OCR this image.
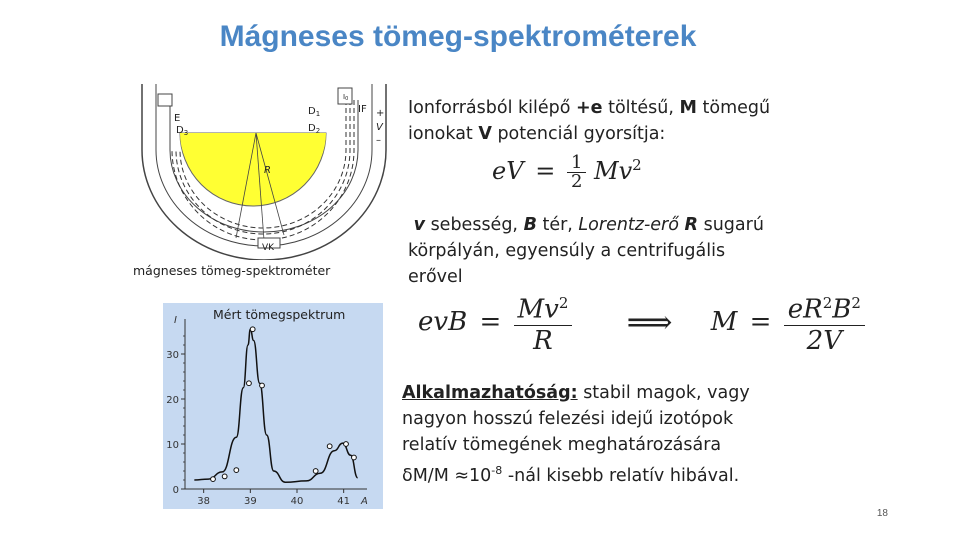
Mágneses tömeg-spektrométerek
E
$D_3$
$D_1$
$D_2$
IF +
V
–
R
VK
I0
mágneses tömeg-spektrométer
Mért tömegspektrum
I
A
0
10
20
30
38	39	40	41
Ionforrásból kilépő +e töltésű, M tömegű
ionokat V potenciál gyorsítja:
eV = $\frac{1}{2} Mv^2$
v sebesség, B tér, Lorentz-erő R sugarú
körpályán, egyensúly a centrifugális
erővel
evB = $\frac{Mv^2}{R}$ ⟹ $M = \frac{eR^2B^2}{2V}$
Alkalmazhatóság: stabil magok, vagy
nagyon hosszú felezési idejű izotópok
relatív tömegének meghatározására
$\delta M/M \approx 10^{-8}$ -nál kisebb relatív hibával.
18
